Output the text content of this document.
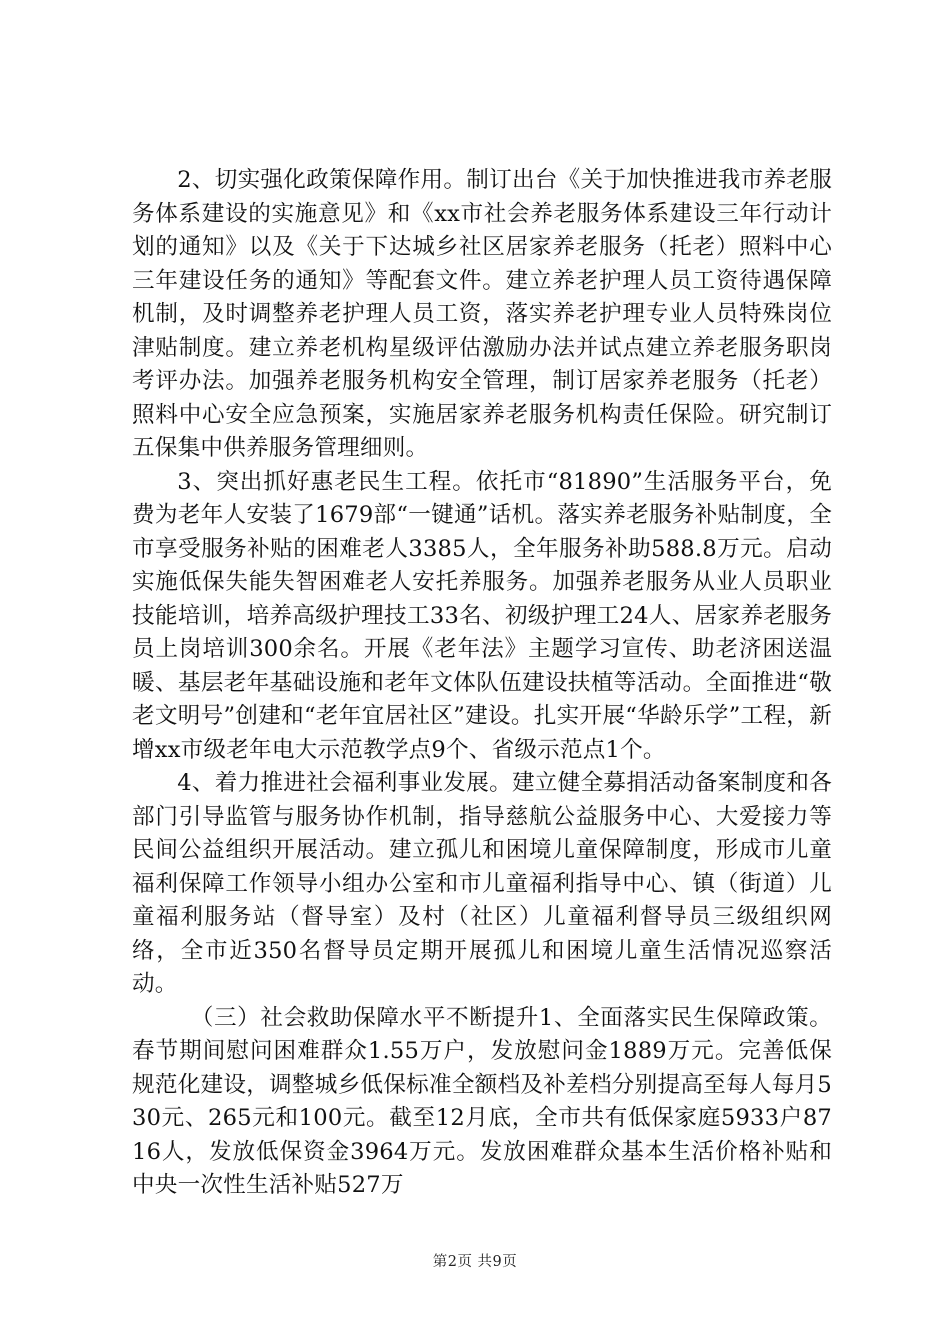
2、切实强化政策保障作用。制订出台《关于加快推进我市养老服务体系建设的实施意见》和《xx市社会养老服务体系建设三年行动计划的通知》以及《关于下达城乡社区居家养老服务（托老）照料中心三年建设任务的通知》等配套文件。建立养老护理人员工资待遇保障机制，及时调整养老护理人员工资，落实养老护理专业人员特殊岗位津贴制度。建立养老机构星级评估激励办法并试点建立养老服务职岗考评办法。加强养老服务机构安全管理，制订居家养老服务（托老）照料中心安全应急预案，实施居家养老服务机构责任保险。研究制订五保集中供养服务管理细则。

3、突出抓好惠老民生工程。依托市“81890”生活服务平台，免费为老年人安装了1679部“一键通”话机。落实养老服务补贴制度，全市享受服务补贴的困难老人3385人，全年服务补助588.8万元。启动实施低保失能失智困难老人安托养服务。加强养老服务从业人员职业技能培训，培养高级护理技工33名、初级护理工24人、居家养老服务员上岗培训300余名。开展《老年法》主题学习宣传、助老济困送温暖、基层老年基础设施和老年文体队伍建设扶植等活动。全面推进“敬老文明号”创建和“老年宜居社区”建设。扎实开展“华龄乐学”工程，新增xx市级老年电大示范教学点9个、省级示范点1个。

4、着力推进社会福利事业发展。建立健全募捐活动备案制度和各部门引导监管与服务协作机制，指导慈航公益服务中心、大爱接力等民间公益组织开展活动。建立孤儿和困境儿童保障制度，形成市儿童福利保障工作领导小组办公室和市儿童福利指导中心、镇（街道）儿童福利服务站（督导室）及村（社区）儿童福利督导员三级组织网络，全市近350名督导员定期开展孤儿和困境儿童生活情况巡察活动。

（三）社会救助保障水平不断提升1、全面落实民生保障政策。春节期间慰问困难群众1.55万户，发放慰问金1889万元。完善低保规范化建设，调整城乡低保标准全额档及补差档分别提高至每人每月530元、265元和100元。截至12月底，全市共有低保家庭5933户8716人，发放低保资金3964万元。发放困难群众基本生活价格补贴和中央一次性生活补贴527万

第2页 共9页
